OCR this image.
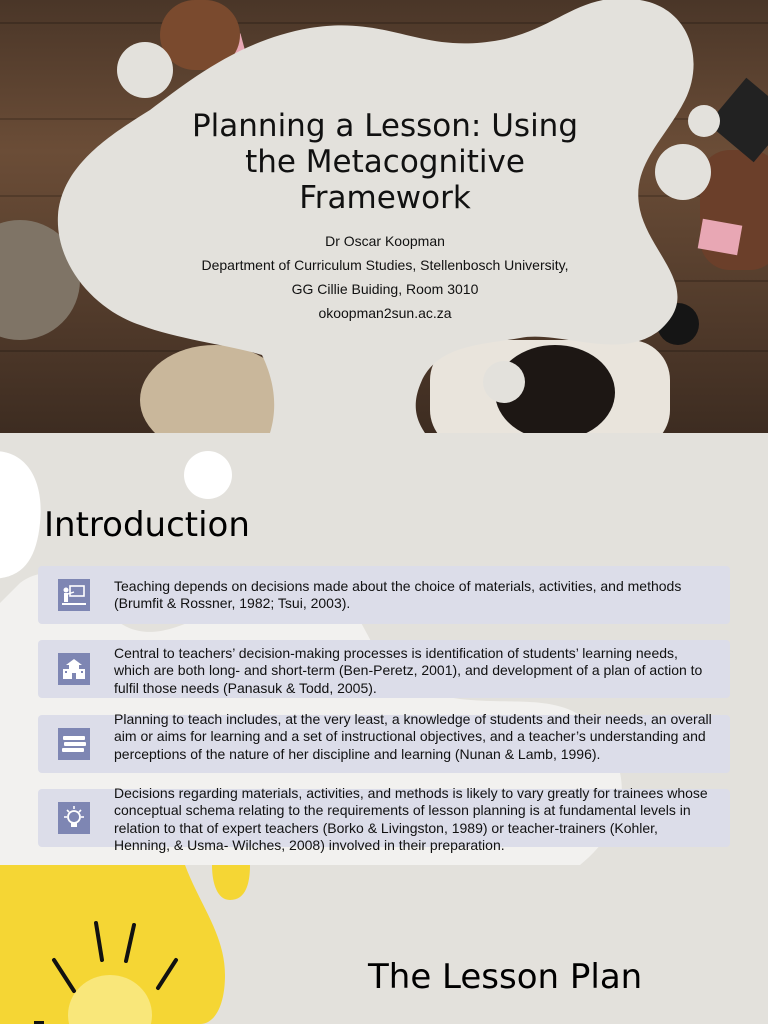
Planning a Lesson: Using
the Metacognitive
Framework
Dr Oscar Koopman
Department of Curriculum Studies, Stellenbosch University,
GG Cillie Buiding, Room 3010
okoopman2sun.ac.za
Introduction
Teaching depends on decisions made about the choice of materials, activities, and methods (Brumfit & Rossner, 1982; Tsui, 2003).
Central to teachers’ decision-making processes is identification of students’ learning needs, which are both long- and short-term (Ben-Peretz, 2001), and development of a plan of action to fulfil those needs (Panasuk & Todd, 2005).
Planning to teach includes, at the very least, a knowledge of students and their needs, an overall aim or aims for learning and a set of instructional objectives, and a teacher’s understanding and perceptions of the nature of her discipline and learning (Nunan & Lamb, 1996).
Decisions regarding materials, activities, and methods is likely to vary greatly for trainees whose conceptual schema relating to the requirements of lesson planning is at fundamental levels in relation to that of expert teachers (Borko & Livingston, 1989) or teacher-trainers (Kohler, Henning, & Usma- Wilches, 2008) involved in their preparation.
The Lesson Plan
